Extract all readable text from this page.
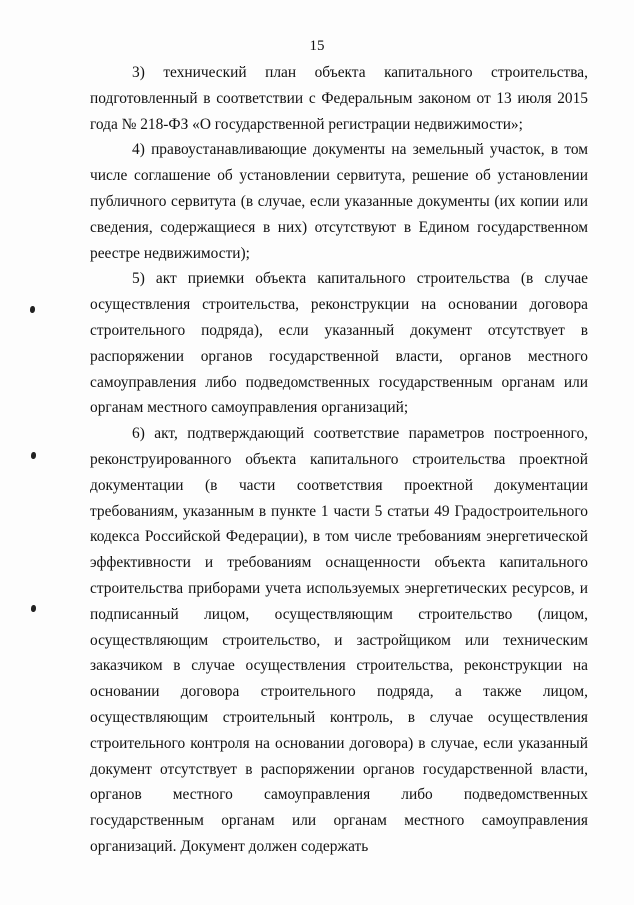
15

3) технический план объекта капитального строительства, подготовленный в соответствии с Федеральным законом от 13 июля 2015 года № 218-ФЗ «О государственной регистрации недвижимости»;

4) правоустанавливающие документы на земельный участок, в том числе соглашение об установлении сервитута, решение об установлении публичного сервитута (в случае, если указанные документы (их копии или сведения, содержащиеся в них) отсутствуют в Едином государственном реестре недвижимости);

5) акт приемки объекта капитального строительства (в случае осуществления строительства, реконструкции на основании договора строительного подряда), если указанный документ отсутствует в распоряжении органов государственной власти, органов местного самоуправления либо подведомственных государственным органам или органам местного самоуправления организаций;

6) акт, подтверждающий соответствие параметров построенного, реконструированного объекта капитального строительства проектной документации (в части соответствия проектной документации требованиям, указанным в пункте 1 части 5 статьи 49 Градостроительного кодекса Российской Федерации), в том числе требованиям энергетической эффективности и требованиям оснащенности объекта капитального строительства приборами учета используемых энергетических ресурсов, и подписанный лицом, осуществляющим строительство (лицом, осуществляющим строительство, и застройщиком или техническим заказчиком в случае осуществления строительства, реконструкции на основании договора строительного подряда, а также лицом, осуществляющим строительный контроль, в случае осуществления строительного контроля на основании договора) в случае, если указанный документ отсутствует в распоряжении органов государственной власти, органов местного самоуправления либо подведомственных государственным органам или органам местного самоуправления организаций. Документ должен содержать
